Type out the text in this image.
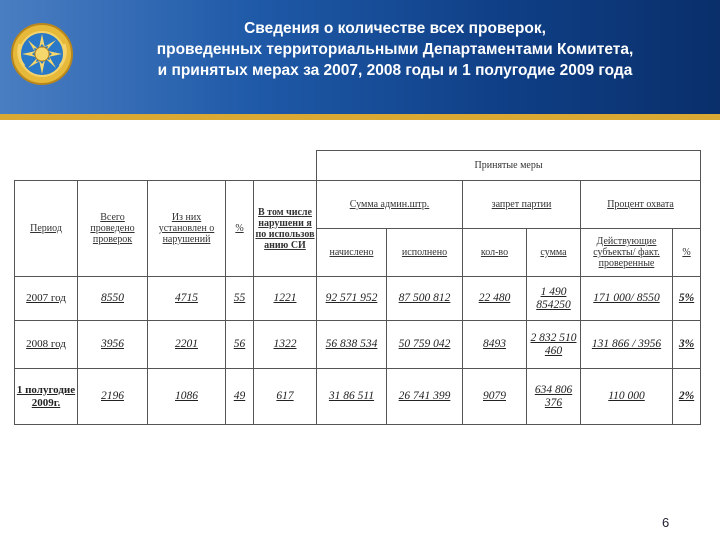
Сведения о количестве всех проверок,
проведенных территориальными Департаментами Комитета,
и принятых мерах за 2007, 2008 годы и 1 полугодие 2009 года
					Принятые меры					
Период	Всего проведено проверок	Из них установлен о нарушений	%	В том числе нарушени я по использов анию СИ	Сумма админ.штр.		запрет партии		Процент охвата	
					начислено	исполнено	кол-во	сумма	Действующие субъекты/ факт. проверенные	%
2007 год	8550	4715	55	1221	92 571 952	87 500 812	22 480	1 490 854250	171 000/ 8550	5%
2008 год	3956	2201	56	1322	56 838 534	50 759 042	8493	2 832 510 460	131 866 / 3956	3%
1 полугодие 2009г.	2196	1086	49	617	31 86 511	26 741 399	9079	634 806 376	110 000	2%
6
